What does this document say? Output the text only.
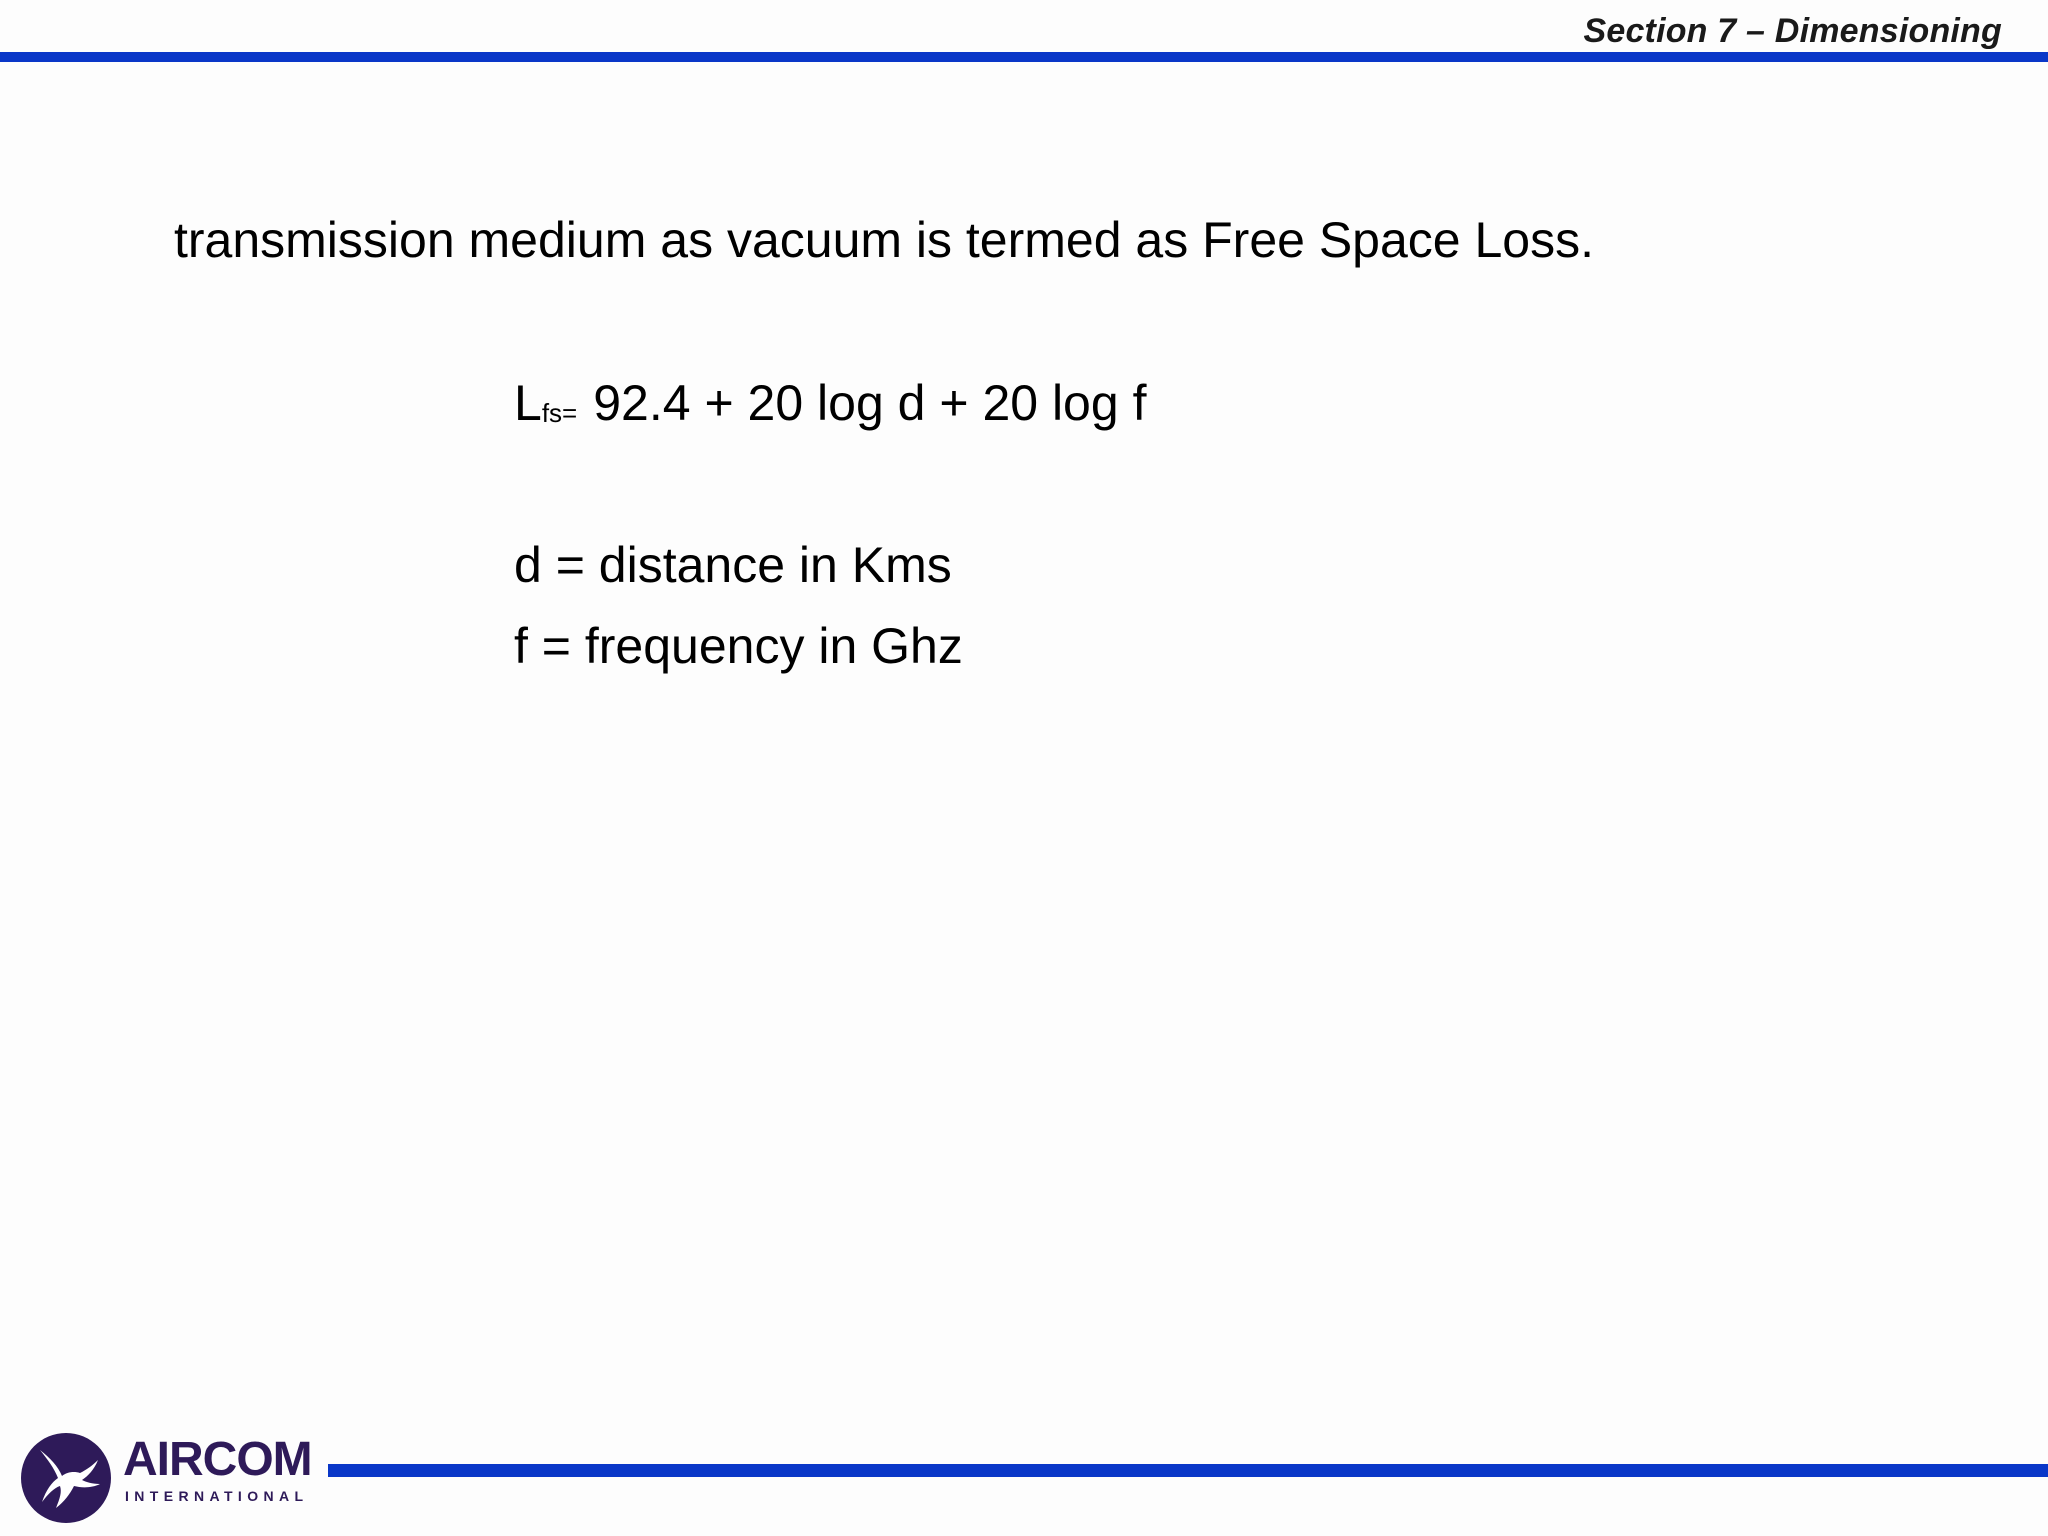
Section 7 – Dimensioning
transmission medium as vacuum is termed as Free Space Loss.
Lfs= 92.4 + 20 log d + 20 log f
d = distance in Kms
f = frequency in Ghz
AIRCOM
INTERNATIONAL
